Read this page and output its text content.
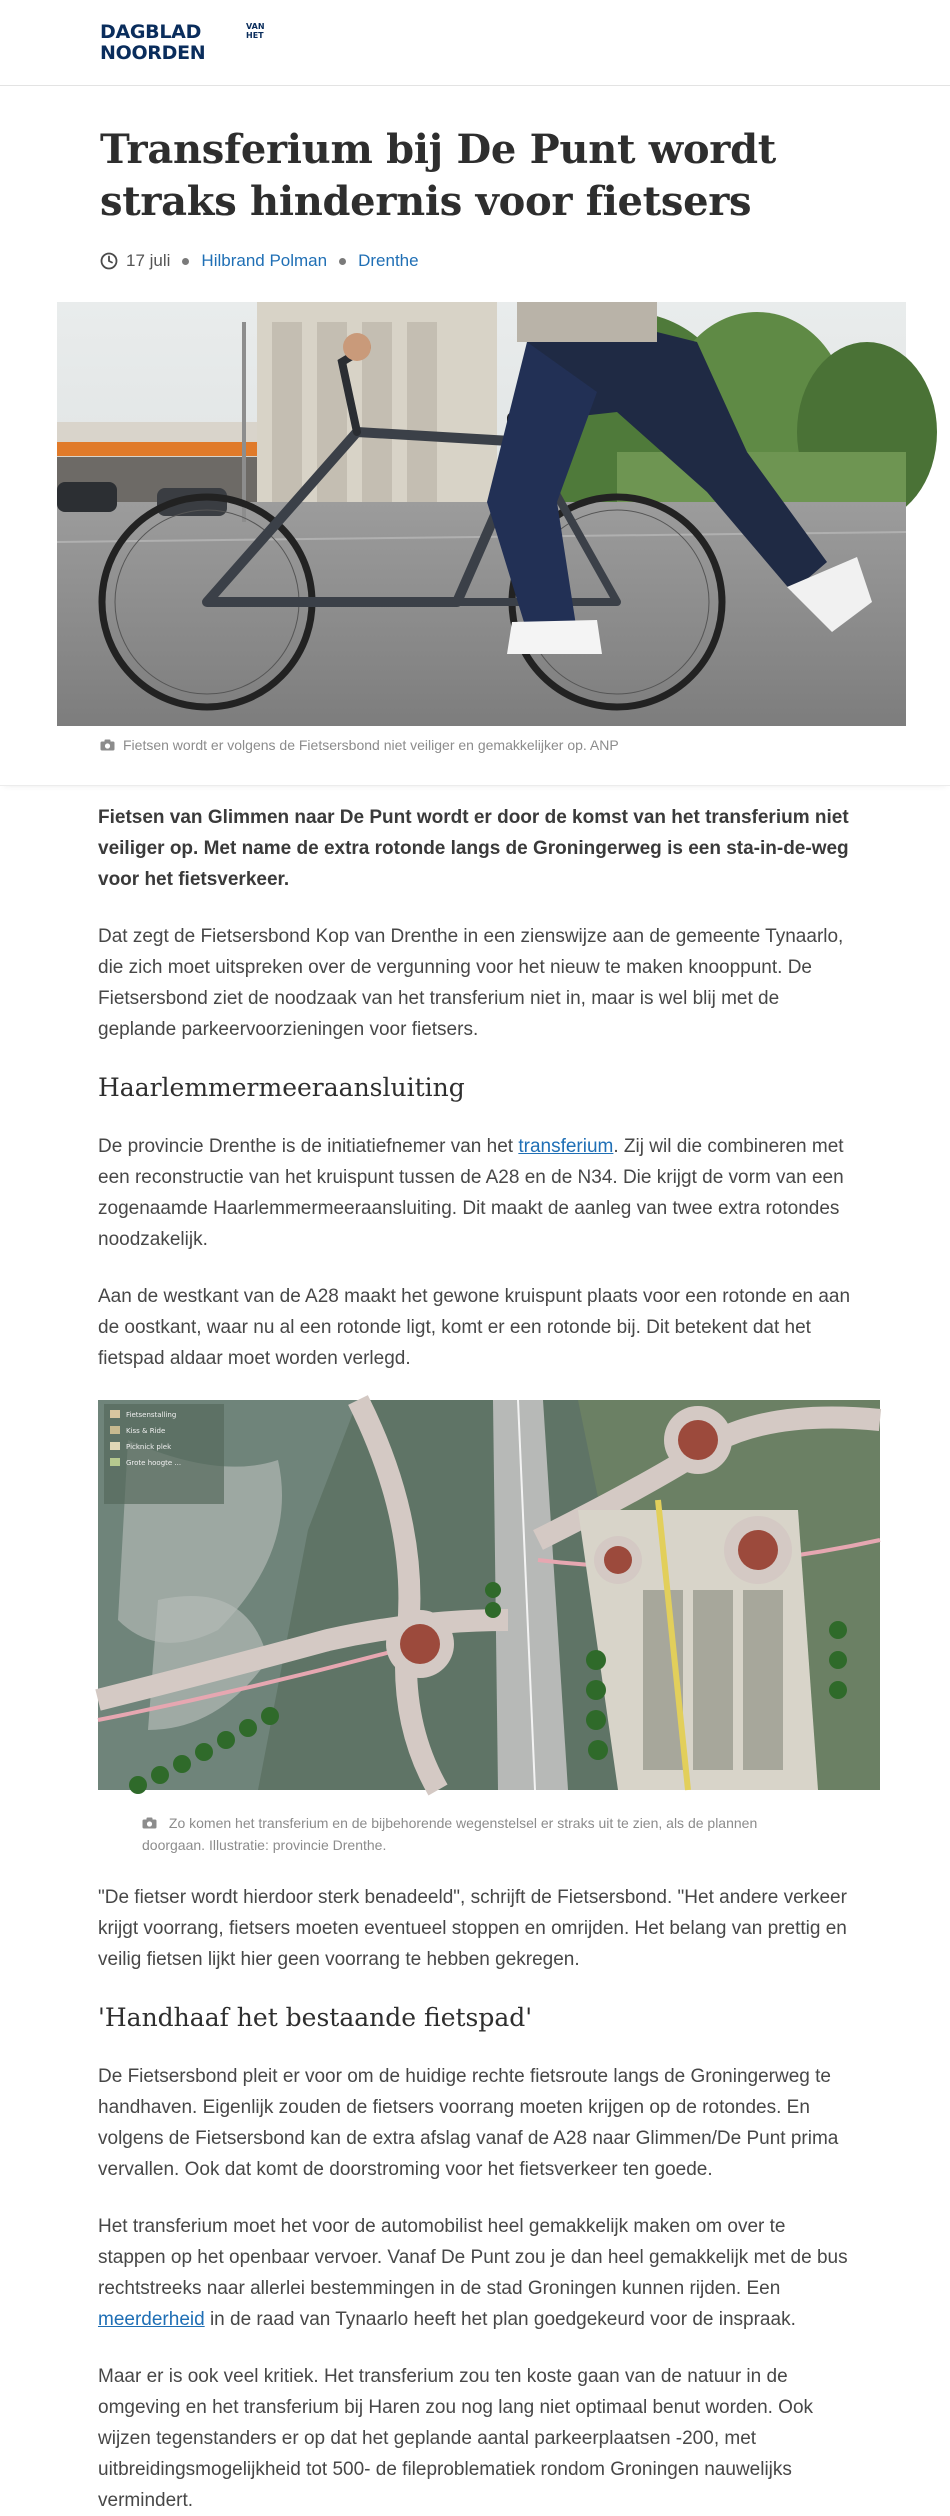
DAGBLAD
NOORDEN
VAN HET
Transferium bij De Punt wordt straks hindernis voor fietsers
17 juli Hilbrand Polman Drenthe
Fietsen wordt er volgens de Fietsersbond niet veiliger en gemakkelijker op. ANP

Fietsen van Glimmen naar De Punt wordt er door de komst van het transferium niet veiliger op. Met name de extra rotonde langs de Groningerweg is een sta-in-de-weg voor het fietsverkeer.

Dat zegt de Fietsersbond Kop van Drenthe in een zienswijze aan de gemeente Tynaarlo, die zich moet uitspreken over de vergunning voor het nieuw te maken knooppunt. De Fietsersbond ziet de noodzaak van het transferium niet in, maar is wel blij met de geplande parkeervoorzieningen voor fietsers.

Haarlemmermeeraansluiting

De provincie Drenthe is de initiatiefnemer van het transferium. Zij wil die combineren met een reconstructie van het kruispunt tussen de A28 en de N34. Die krijgt de vorm van een zogenaamde Haarlemmermeeraansluiting. Dit maakt de aanleg van twee extra rotondes noodzakelijk.

Aan de westkant van de A28 maakt het gewone kruispunt plaats voor een rotonde en aan de oostkant, waar nu al een rotonde ligt, komt er een rotonde bij. Dit betekent dat het fietspad aldaar moet worden verlegd.

Fietsenstalling
Kiss & Ride
Picknick plek
Grote hoogte ...
Zo komen het transferium en de bijbehorende wegenstelsel er straks uit te zien, als de plannen doorgaan. Illustratie: provincie Drenthe.

"De fietser wordt hierdoor sterk benadeeld", schrijft de Fietsersbond. "Het andere verkeer krijgt voorrang, fietsers moeten eventueel stoppen en omrijden. Het belang van prettig en veilig fietsen lijkt hier geen voorrang te hebben gekregen.

'Handhaaf het bestaande fietspad'

De Fietsersbond pleit er voor om de huidige rechte fietsroute langs de Groningerweg te handhaven. Eigenlijk zouden de fietsers voorrang moeten krijgen op de rotondes. En volgens de Fietsersbond kan de extra afslag vanaf de A28 naar Glimmen/De Punt prima vervallen. Ook dat komt de doorstroming voor het fietsverkeer ten goede.

Het transferium moet het voor de automobilist heel gemakkelijk maken om over te stappen op het openbaar vervoer. Vanaf De Punt zou je dan heel gemakkelijk met de bus rechtstreeks naar allerlei bestemmingen in de stad Groningen kunnen rijden. Een meerderheid in de raad van Tynaarlo heeft het plan goedgekeurd voor de inspraak.

Maar er is ook veel kritiek. Het transferium zou ten koste gaan van de natuur in de omgeving en het transferium bij Haren zou nog lang niet optimaal benut worden. Ook wijzen tegenstanders er op dat het geplande aantal parkeerplaatsen -200, met uitbreidingsmogelijkheid tot 500- de fileproblematiek rondom Groningen nauwelijks vermindert.
